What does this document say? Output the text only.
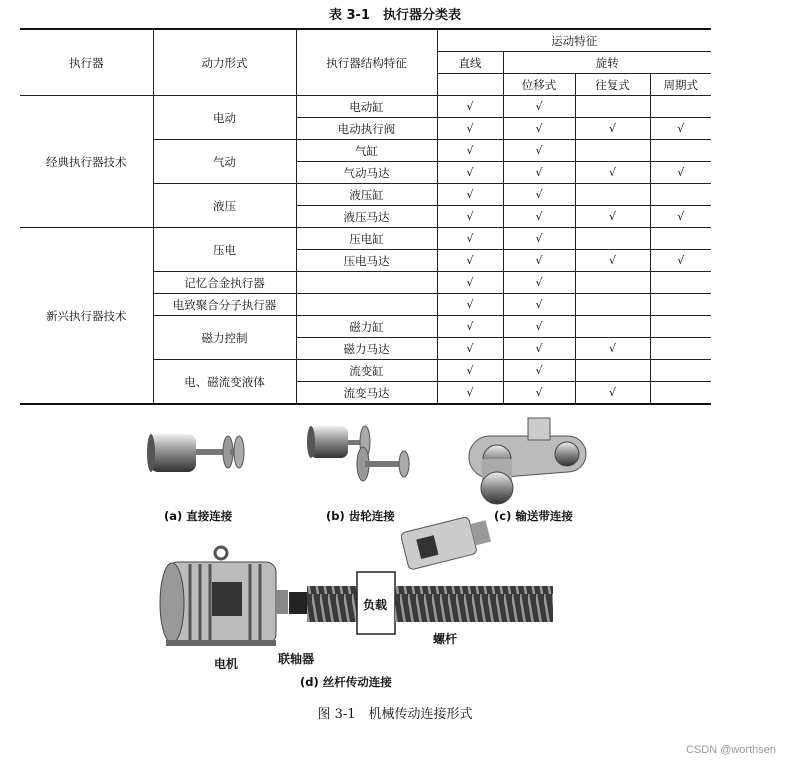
表 3-1　执行器分类表
执行器	动力形式	执行器结构特征	运动特征			
			直线	旋转		
				位移式	往复式	周期式
经典执行器技术	电动	电动缸	√	√		
		电动执行阀	√	√	√	√
	气动	气缸	√	√		
		气动马达	√	√	√	√
	液压	液压缸	√	√		
		液压马达	√	√	√	√
新兴执行器技术	压电	压电缸	√	√		
		压电马达	√	√	√	√
	记忆合金执行器		√	√		
	电致聚合分子执行器		√	√		
	磁力控制	磁力缸	√	√		
		磁力马达	√	√	√	
	电、磁流变液体	流变缸	√	√		
		流变马达	√	√	√	
(a) 直接连接	(b) 齿轮连接	(c) 输送带连接
电机	联轴器
负载
螺杆
(d) 丝杆传动连接
图 3-1　机械传动连接形式
CSDN @worthsen
